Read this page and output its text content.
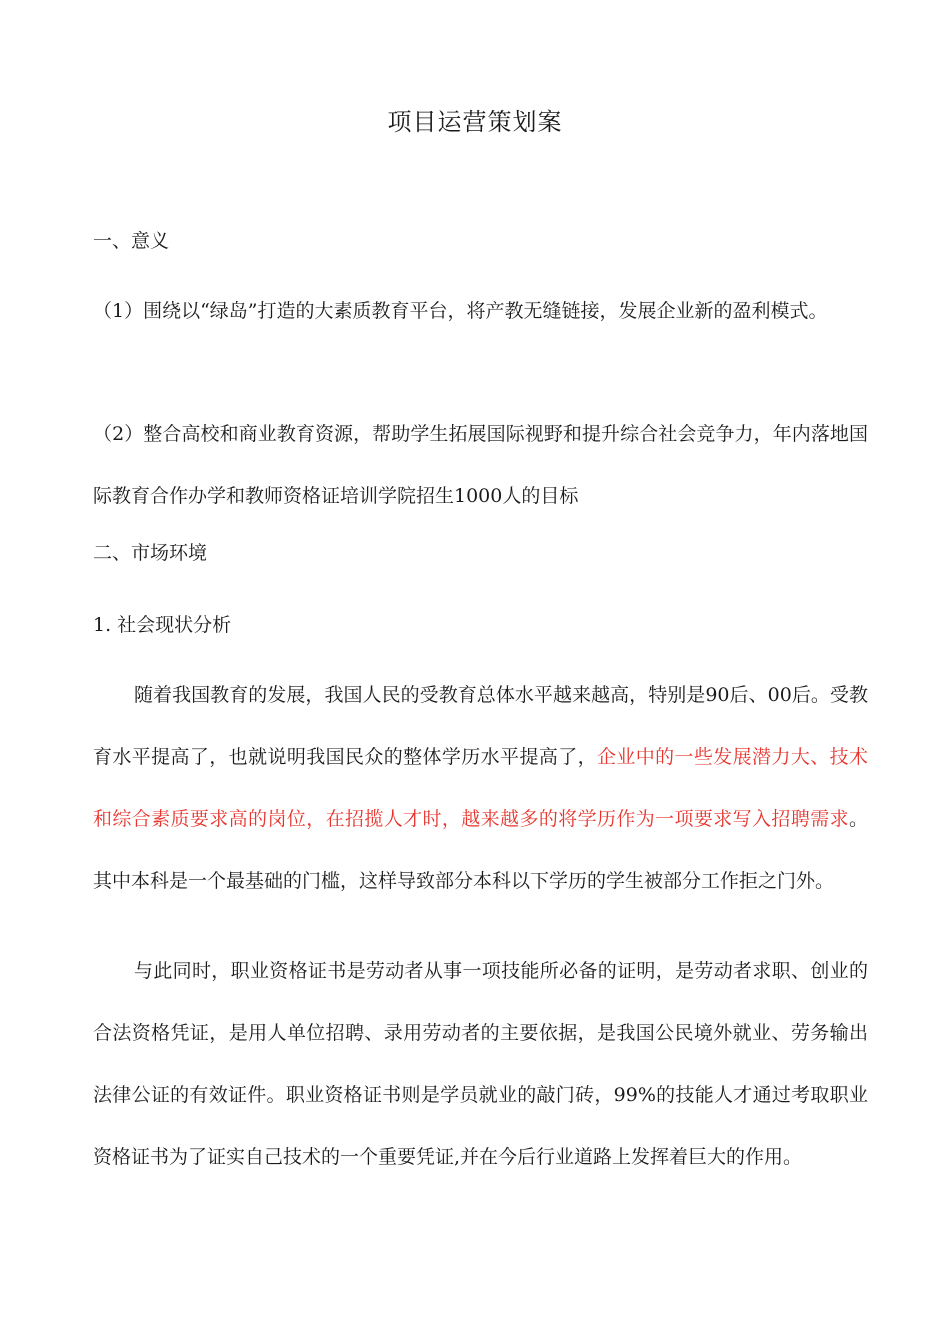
项目运营策划案
一、意义

（1）围绕以“绿岛”打造的大素质教育平台，将产教无缝链接，发展企业新的盈利模式。

（2）整合高校和商业教育资源，帮助学生拓展国际视野和提升综合社会竞争力，年内落地国际教育合作办学和教师资格证培训学院招生1000人的目标

二、市场环境
1. 社会现状分析

随着我国教育的发展，我国人民的受教育总体水平越来越高，特别是90后、00后。受教育水平提高了，也就说明我国民众的整体学历水平提高了，企业中的一些发展潜力大、技术和综合素质要求高的岗位，在招揽人才时，越来越多的将学历作为一项要求写入招聘需求。其中本科是一个最基础的门槛，这样导致部分本科以下学历的学生被部分工作拒之门外。

与此同时，职业资格证书是劳动者从事一项技能所必备的证明，是劳动者求职、创业的合法资格凭证，是用人单位招聘、录用劳动者的主要依据，是我国公民境外就业、劳务输出法律公证的有效证件。职业资格证书则是学员就业的敲门砖，99%的技能人才通过考取职业资格证书为了证实自己技术的一个重要凭证,并在今后行业道路上发挥着巨大的作用。
